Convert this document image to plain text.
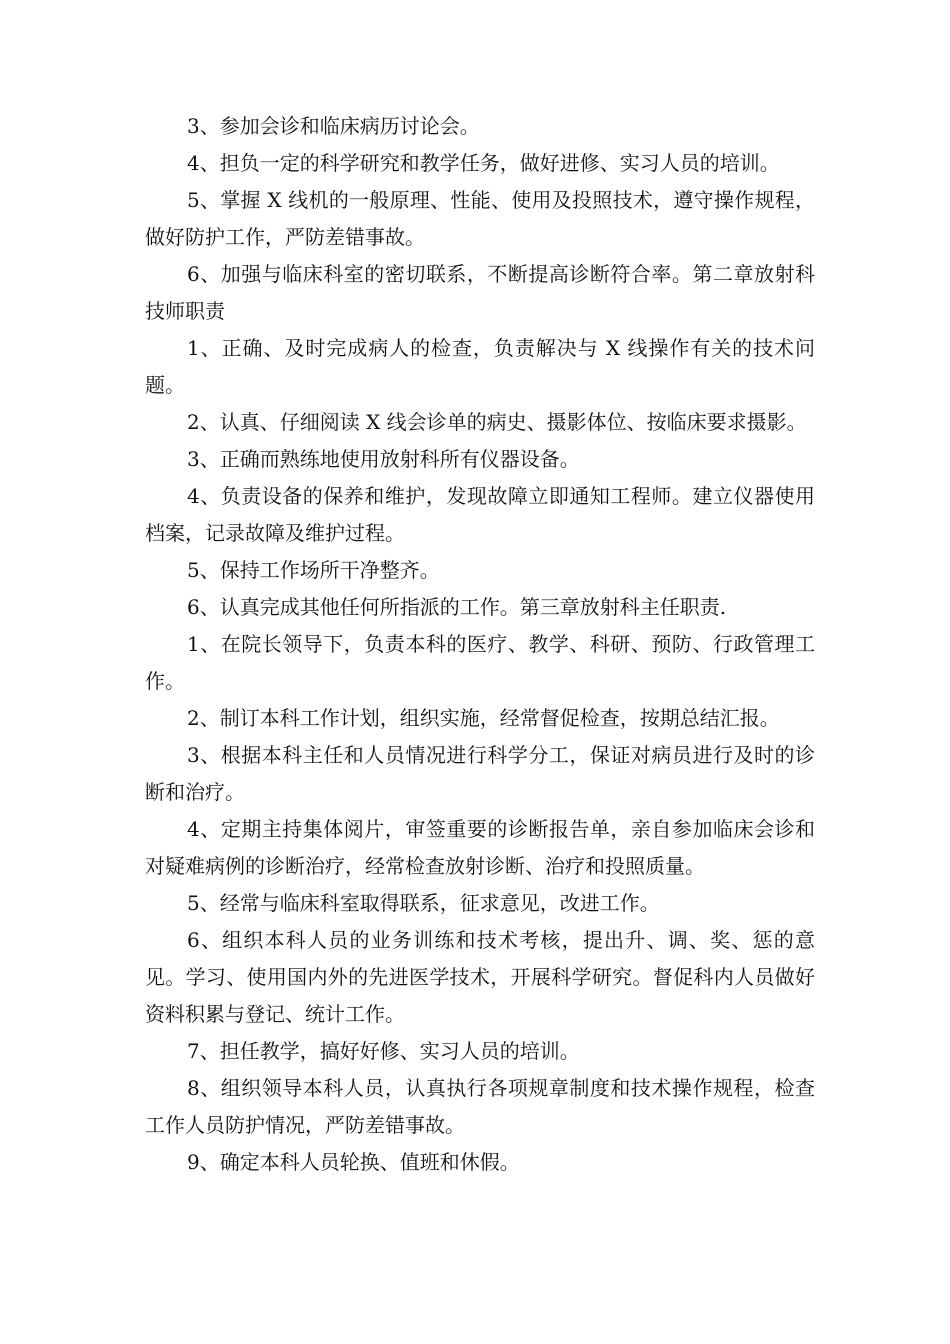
3、参加会诊和临床病历讨论会。

4、担负一定的科学研究和教学任务，做好进修、实习人员的培训。

5、掌握 X 线机的一般原理、性能、使用及投照技术，遵守操作规程，做好防护工作，严防差错事故。

6、加强与临床科室的密切联系，不断提高诊断符合率。第二章放射科技师职责

1、正确、及时完成病人的检查，负责解决与 X 线操作有关的技术问题。

2、认真、仔细阅读 X 线会诊单的病史、摄影体位、按临床要求摄影。

3、正确而熟练地使用放射科所有仪器设备。

4、负责设备的保养和维护，发现故障立即通知工程师。建立仪器使用档案，记录故障及维护过程。

5、保持工作场所干净整齐。

6、认真完成其他任何所指派的工作。第三章放射科主任职责.

1、在院长领导下，负责本科的医疗、教学、科研、预防、行政管理工作。

2、制订本科工作计划，组织实施，经常督促检查，按期总结汇报。

3、根据本科主任和人员情况进行科学分工，保证对病员进行及时的诊断和治疗。

4、定期主持集体阅片，审签重要的诊断报告单，亲自参加临床会诊和对疑难病例的诊断治疗，经常检查放射诊断、治疗和投照质量。

5、经常与临床科室取得联系，征求意见，改进工作。

6、组织本科人员的业务训练和技术考核，提出升、调、奖、惩的意见。学习、使用国内外的先进医学技术，开展科学研究。督促科内人员做好资料积累与登记、统计工作。

7、担任教学，搞好好修、实习人员的培训。

8、组织领导本科人员，认真执行各项规章制度和技术操作规程，检查工作人员防护情况，严防差错事故。

9、确定本科人员轮换、值班和休假。
